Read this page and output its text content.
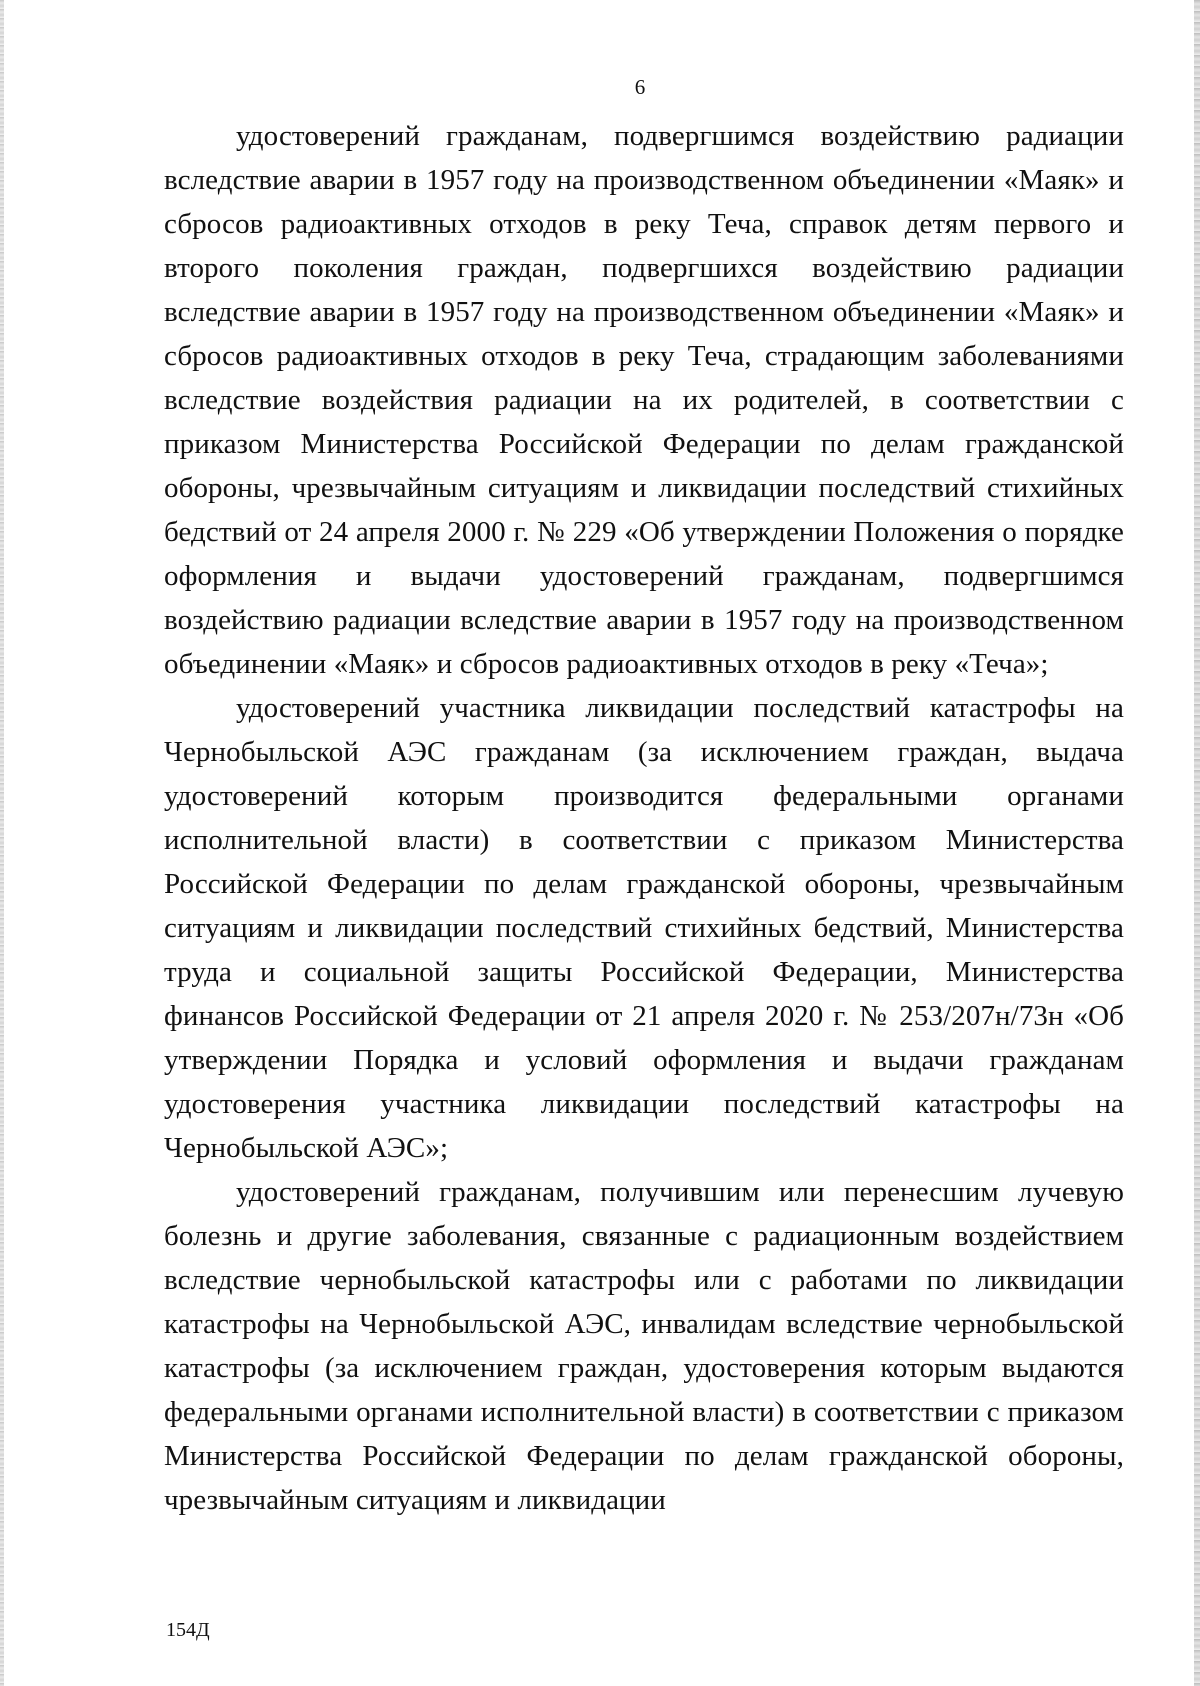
6

удостоверений гражданам, подвергшимся воздействию радиации вследствие аварии в 1957 году на производственном объединении «Маяк» и сбросов радиоактивных отходов в реку Теча, справок детям первого и второго поколения граждан, подвергшихся воздействию радиации вследствие аварии в 1957 году на производственном объединении «Маяк» и сбросов радиоактивных отходов в реку Теча, страдающим заболеваниями вследствие воздействия радиации на их родителей, в соответствии с приказом Министерства Российской Федерации по делам гражданской обороны, чрезвычайным ситуациям и ликвидации последствий стихийных бедствий от 24 апреля 2000 г. № 229 «Об утверждении Положения о порядке оформления и выдачи удостоверений гражданам, подвергшимся воздействию радиации вследствие аварии в 1957 году на производственном объединении «Маяк» и сбросов радиоактивных отходов в реку «Теча»;

удостоверений участника ликвидации последствий катастрофы на Чернобыльской АЭС гражданам (за исключением граждан, выдача удостоверений которым производится федеральными органами исполнительной власти) в соответствии с приказом Министерства Российской Федерации по делам гражданской обороны, чрезвычайным ситуациям и ликвидации последствий стихийных бедствий, Министерства труда и социальной защиты Российской Федерации, Министерства финансов Российской Федерации от 21 апреля 2020 г. № 253/207н/73н «Об утверждении Порядка и условий оформления и выдачи гражданам удостоверения участника ликвидации последствий катастрофы на Чернобыльской АЭС»;

удостоверений гражданам, получившим или перенесшим лучевую болезнь и другие заболевания, связанные с радиационным воздействием вследствие чернобыльской катастрофы или с работами по ликвидации катастрофы на Чернобыльской АЭС, инвалидам вследствие чернобыльской катастрофы (за исключением граждан, удостоверения которым выдаются федеральными органами исполнительной власти) в соответствии с приказом Министерства Российской Федерации по делам гражданской обороны, чрезвычайным ситуациям и ликвидации

154Д
